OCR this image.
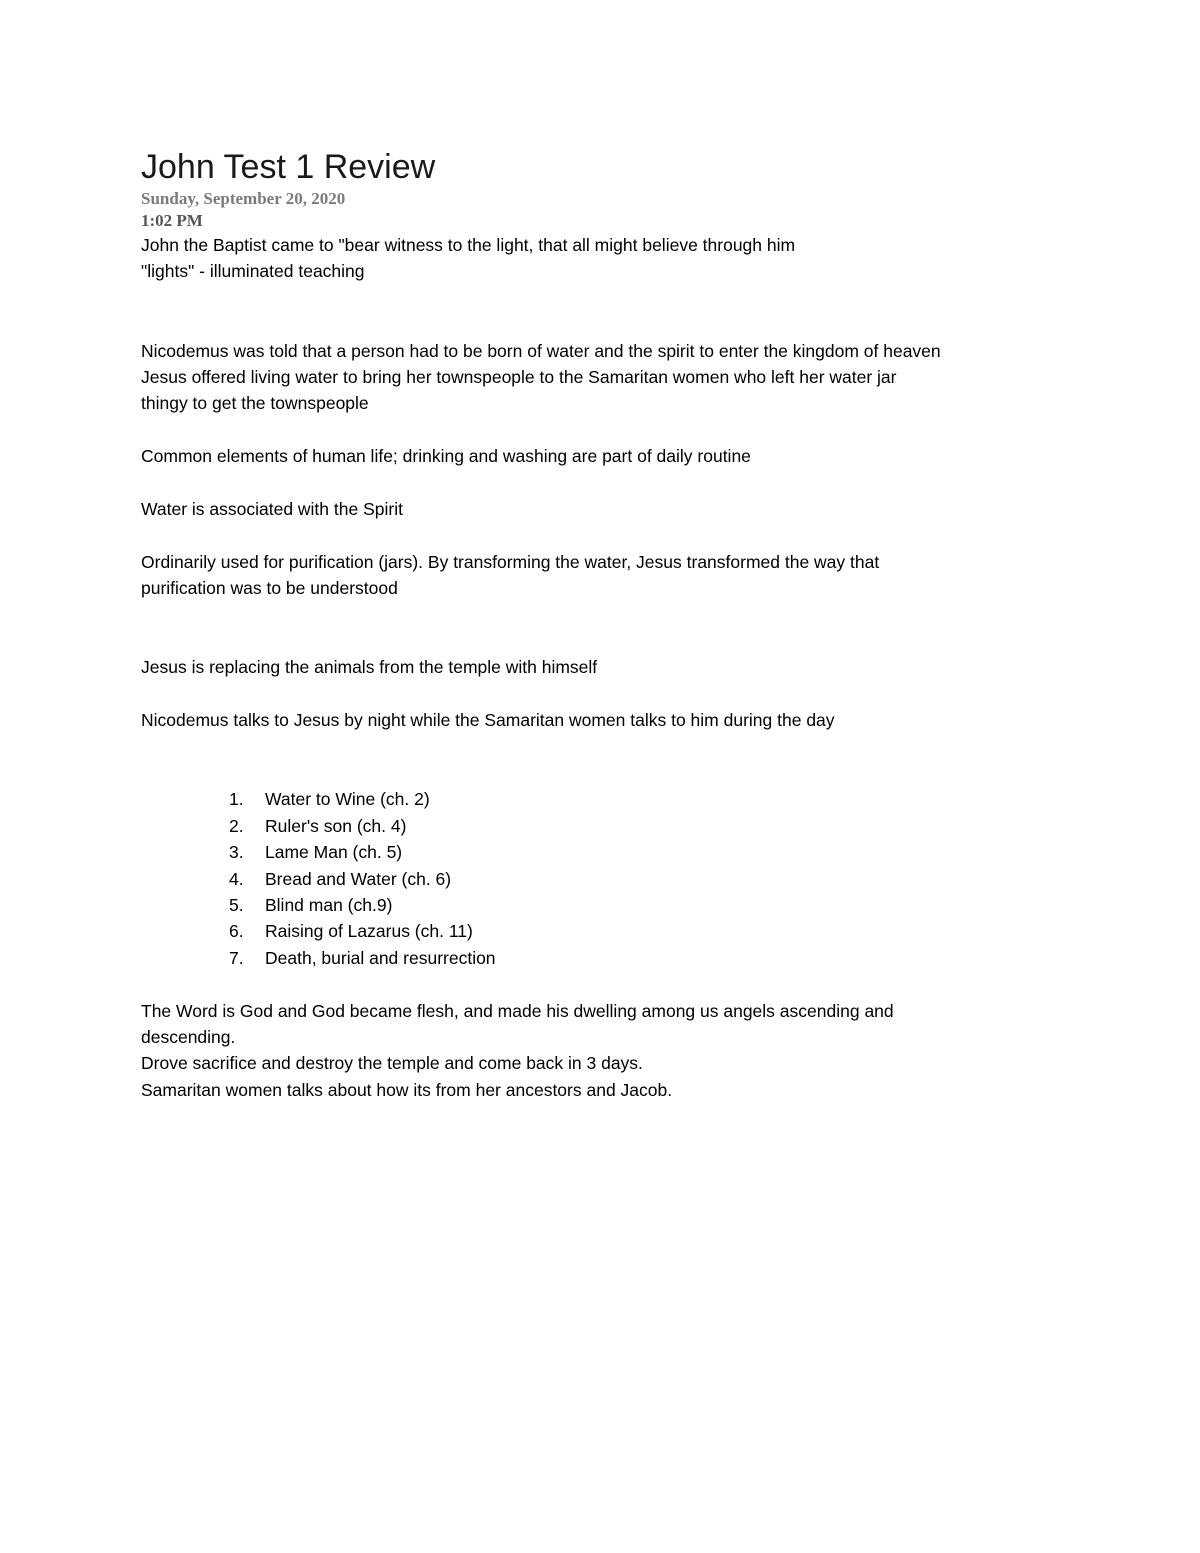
John Test 1 Review
Sunday, September 20, 2020
1:02 PM
John the Baptist came to "bear witness to the light, that all might believe through him
"lights" - illuminated teaching
Nicodemus was told that a person had to be born of water and the spirit to enter the kingdom of heaven
Jesus offered living water to bring her townspeople to the Samaritan women who left her water jar
thingy to get the townspeople
Common elements of human life; drinking and washing are part of daily routine
Water is associated with the Spirit
Ordinarily used for purification (jars). By transforming the water, Jesus transformed the way that
purification was to be understood
Jesus is replacing the animals from the temple with himself
Nicodemus talks to Jesus by night while the Samaritan women talks to him during the day
1. Water to Wine (ch. 2)
2. Ruler's son (ch. 4)
3. Lame Man (ch. 5)
4. Bread and Water (ch. 6)
5. Blind man (ch.9)
6. Raising of Lazarus (ch. 11)
7. Death, burial and resurrection
The Word is God and God became flesh, and made his dwelling among us angels ascending and
descending.
Drove sacrifice and destroy the temple and come back in 3 days.
Samaritan women talks about how its from her ancestors and Jacob.
